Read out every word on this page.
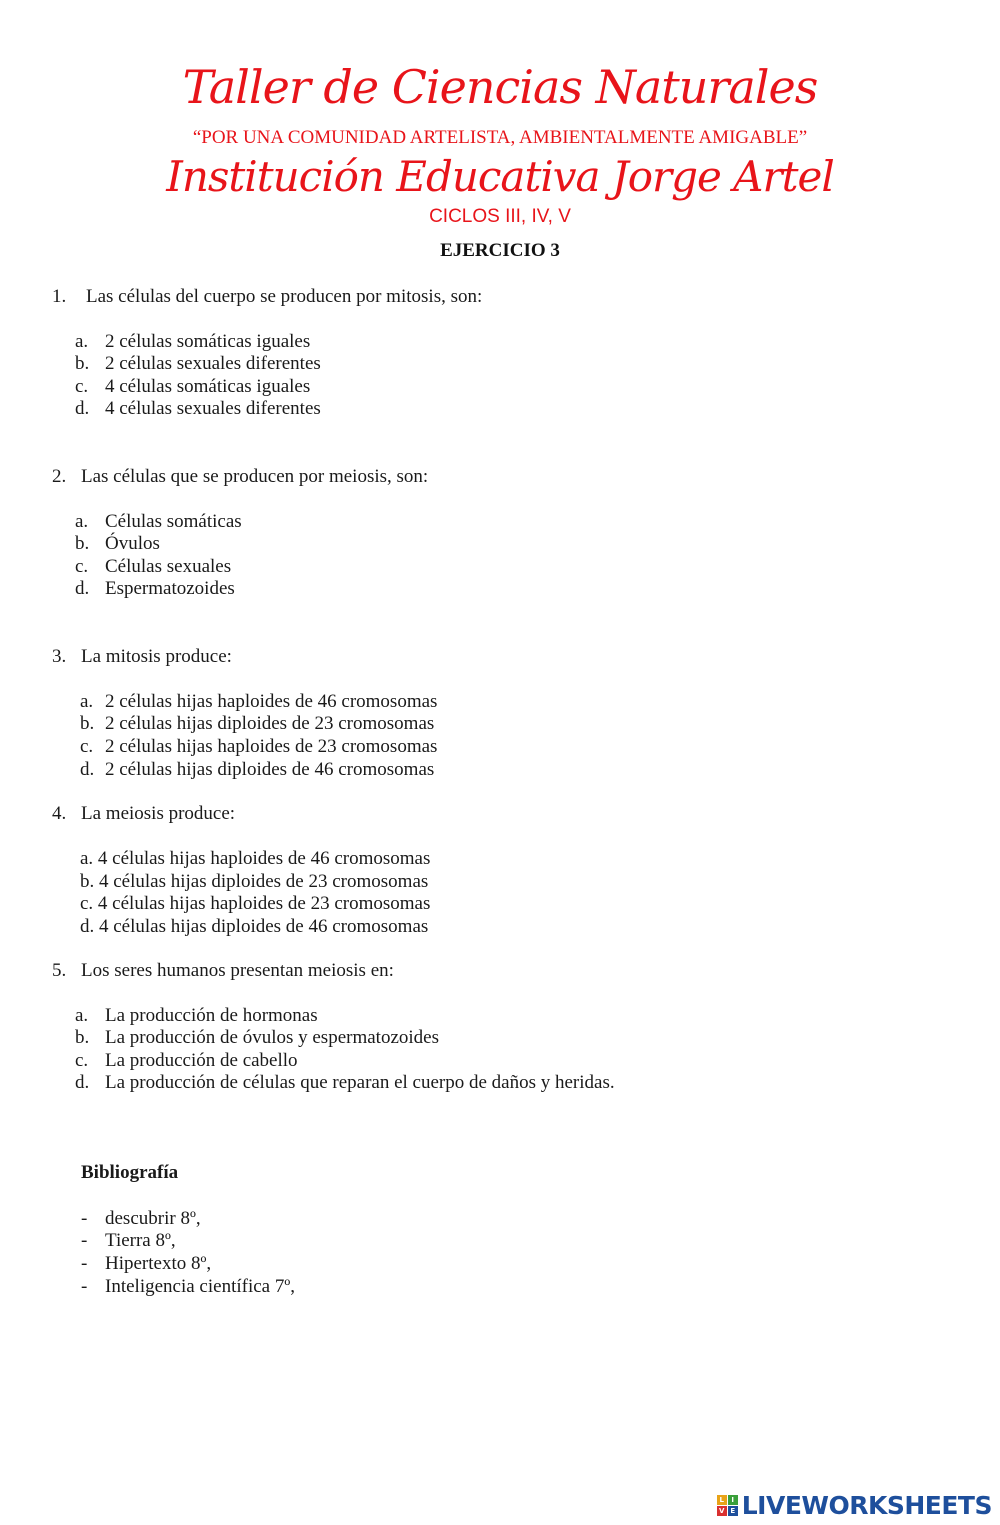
Taller de Ciencias Naturales
“POR UNA COMUNIDAD ARTELISTA, AMBIENTALMENTE AMIGABLE”
Institución Educativa Jorge Artel
CICLOS III, IV, V
EJERCICIO 3
1. Las células del cuerpo se producen por mitosis, son:
a. 2 células somáticas iguales
b. 2 células sexuales diferentes
c. 4 células somáticas iguales
d. 4 células sexuales diferentes
2. Las células que se producen por meiosis, son:
a. Células somáticas
b. Óvulos
c. Células sexuales
d. Espermatozoides
3. La mitosis produce:
a. 2 células hijas haploides de 46 cromosomas
b. 2 células hijas diploides de 23 cromosomas
c. 2 células hijas haploides de 23 cromosomas
d. 2 células hijas diploides de 46 cromosomas
4. La meiosis produce:
a. 4 células hijas haploides de 46 cromosomas
b. 4 células hijas diploides de 23 cromosomas
c. 4 células hijas haploides de 23 cromosomas
d. 4 células hijas diploides de 46 cromosomas
5. Los seres humanos presentan meiosis en:
a. La producción de hormonas
b. La producción de óvulos y espermatozoides
c. La producción de cabello
d. La producción de células que reparan el cuerpo de daños y heridas.
Bibliografía
- descubrir 8º,
- Tierra 8º,
- Hipertexto 8º,
- Inteligencia científica 7º,
L	I
V E LIVEWORKSHEETS
